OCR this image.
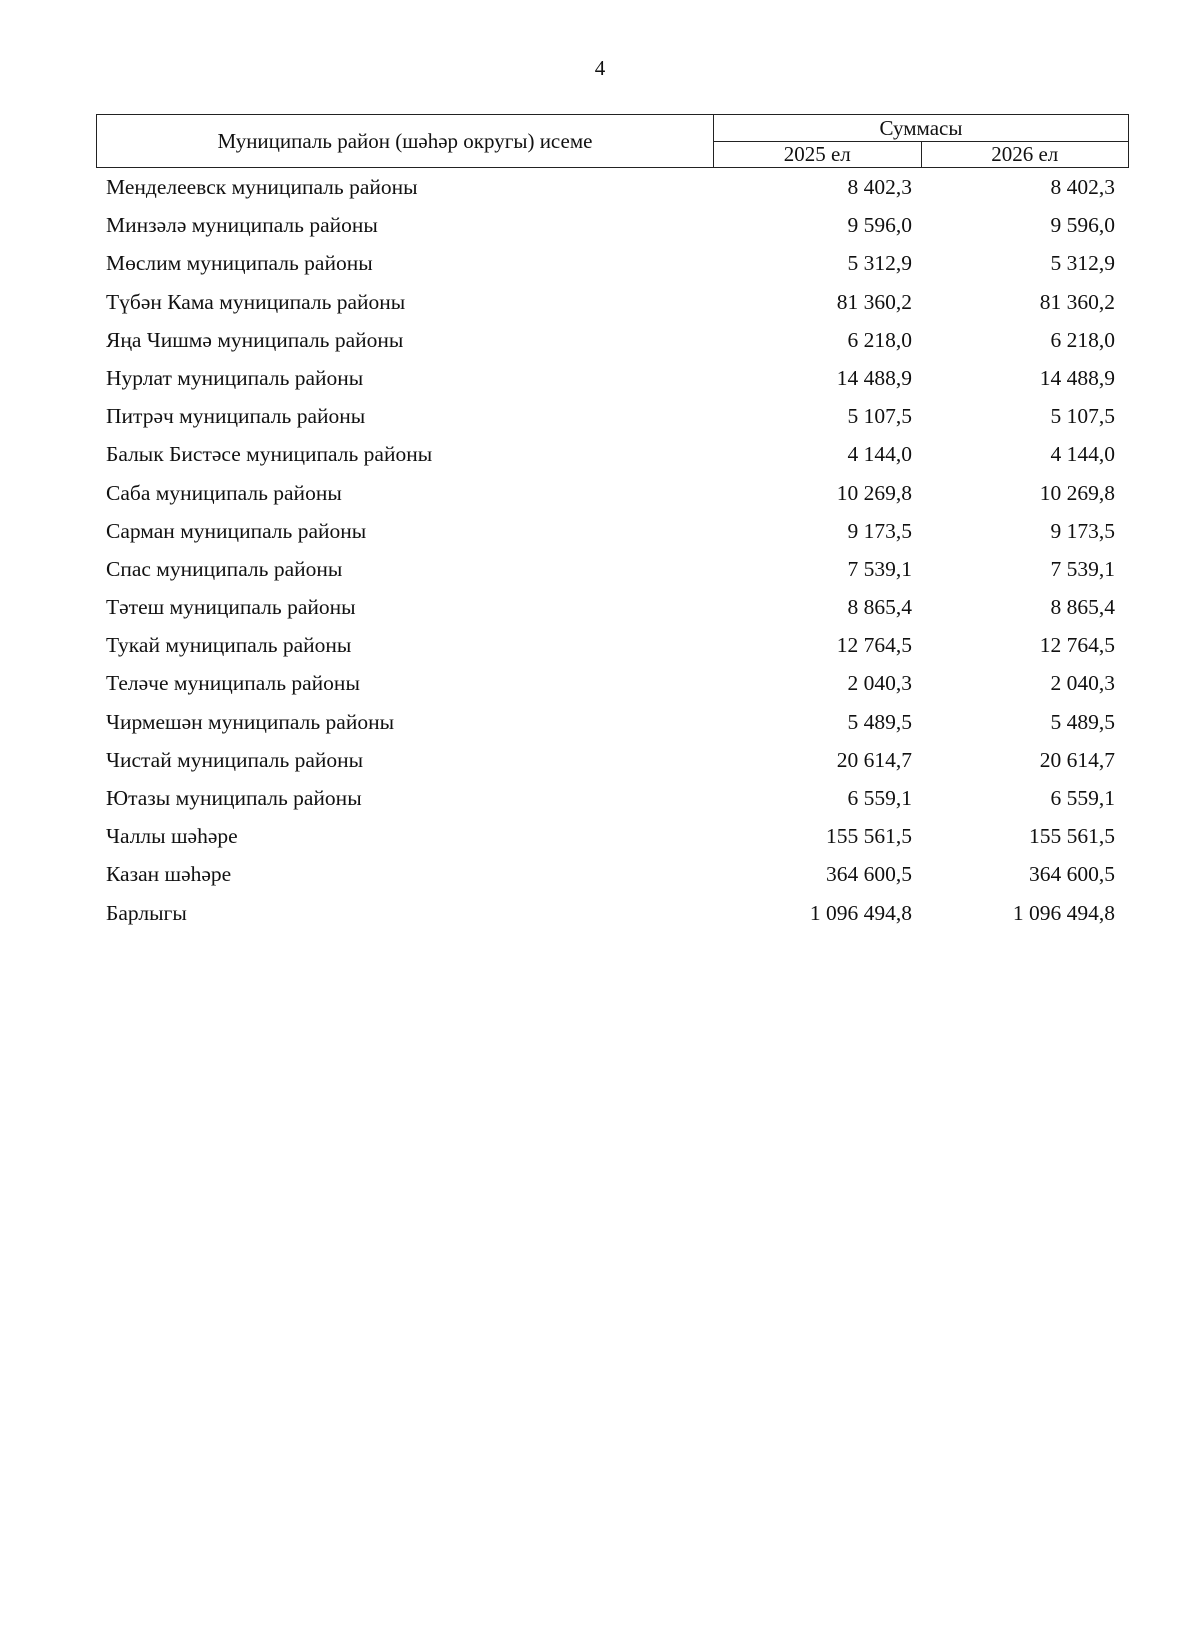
4
Муниципаль район (шәһәр округы) исеме	Суммасы	
	2025 ел	2026 ел
Менделеевск муниципаль районы	8 402,3	8 402,3
Минзәлә муниципаль районы	9 596,0	9 596,0
Мөслим муниципаль районы	5 312,9	5 312,9
Түбән Кама муниципаль районы	81 360,2	81 360,2
Яңа Чишмә муниципаль районы	6 218,0	6 218,0
Нурлат муниципаль районы	14 488,9	14 488,9
Питрәч муниципаль районы	5 107,5	5 107,5
Балык Бистәсе муниципаль районы	4 144,0	4 144,0
Саба муниципаль районы	10 269,8	10 269,8
Сарман муниципаль районы	9 173,5	9 173,5
Спас муниципаль районы	7 539,1	7 539,1
Тәтеш муниципаль районы	8 865,4	8 865,4
Тукай муниципаль районы	12 764,5	12 764,5
Теләче муниципаль районы	2 040,3	2 040,3
Чирмешән муниципаль районы	5 489,5	5 489,5
Чистай муниципаль районы	20 614,7	20 614,7
Ютазы муниципаль районы	6 559,1	6 559,1
Чаллы шәһәре	155 561,5	155 561,5
Казан шәһәре	364 600,5	364 600,5
Барлыгы	1 096 494,8	1 096 494,8
